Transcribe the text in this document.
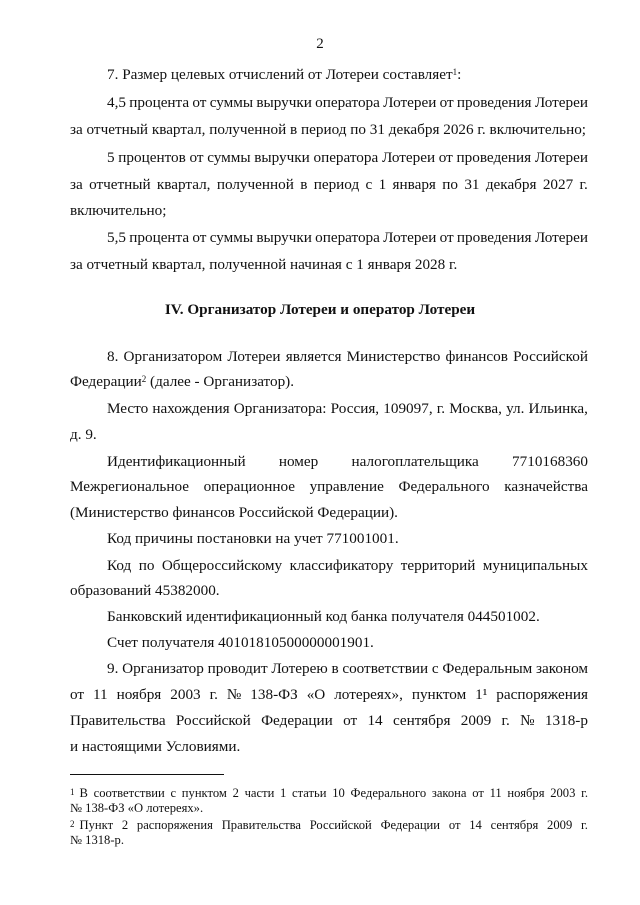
2
7. Размер целевых отчислений от Лотереи составляет$^1$:
4,5 процента от суммы выручки оператора Лотереи от проведения Лотереи
за отчетный квартал, полученной в период по 31 декабря 2026 г. включительно;
5 процентов от суммы выручки оператора Лотереи от проведения Лотереи
за отчетный квартал, полученной в период с 1 января по 31 декабря 2027 г.
включительно;
5,5 процента от суммы выручки оператора Лотереи от проведения Лотереи
за отчетный квартал, полученной начиная с 1 января 2028 г.
IV. Организатор Лотереи и оператор Лотереи
8. Организатором Лотереи является Министерство финансов Российской
Федерации$^2$ (далее - Организатор).
Место нахождения Организатора: Россия, 109097, г. Москва, ул. Ильинка,
д. 9.
Идентификационный номер налогоплательщика 7710168360
Межрегиональное операционное управление Федерального казначейства
(Министерство финансов Российской Федерации).
Код причины постановки на учет 771001001.
Код по Общероссийскому классификатору территорий муниципальных
образований 45382000.
Банковский идентификационный код банка получателя 044501002.
Счет получателя 40101810500000001901.
9. Организатор проводит Лотерею в соответствии с Федеральным законом
от 11 ноября 2003 г. № 138-ФЗ «О лотереях», пунктом 1¹ распоряжения
Правительства Российской Федерации от 14 сентября 2009 г. № 1318-р
и настоящими Условиями.
$^1$ В соответствии с пунктом 2 части 1 статьи 10 Федерального закона от 11 ноября 2003 г.
№ 138-ФЗ «О лотереях».
$^2$ Пункт 2 распоряжения Правительства Российской Федерации от 14 сентября 2009 г.
№ 1318-р.
